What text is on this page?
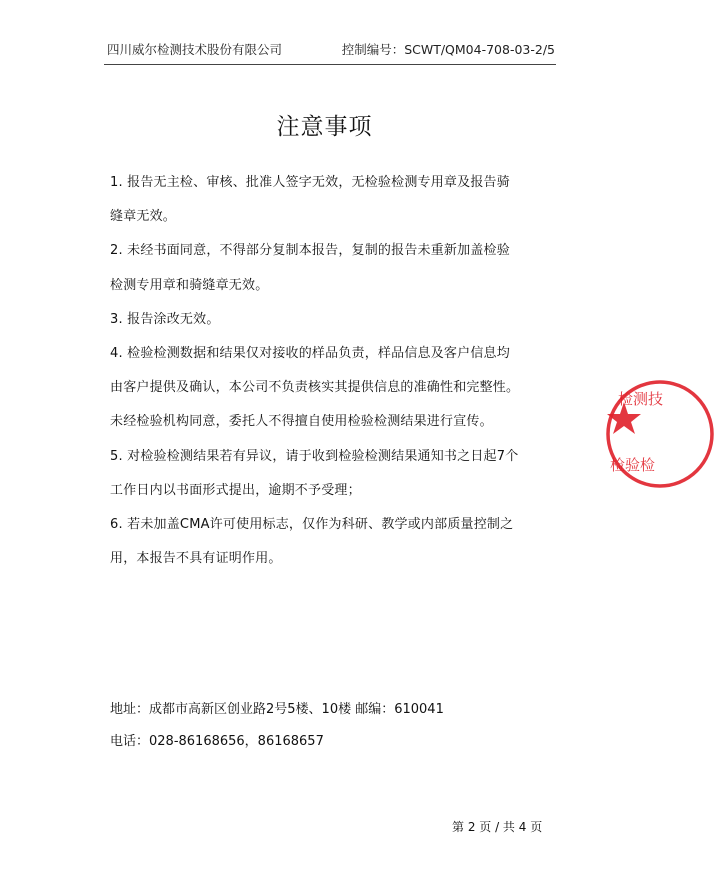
四川威尔检测技术股份有限公司	控制编号：SCWT/QM04-708-03-2/5
注意事项
1. 报告无主检、审核、批准人签字无效，无检验检测专用章及报告骑
缝章无效。
2. 未经书面同意，不得部分复制本报告，复制的报告未重新加盖检验
检测专用章和骑缝章无效。
3. 报告涂改无效。
4. 检验检测数据和结果仅对接收的样品负责，样品信息及客户信息均
由客户提供及确认，本公司不负责核实其提供信息的准确性和完整性。
未经检验机构同意，委托人不得擅自使用检验检测结果进行宣传。
5. 对检验检测结果若有异议，请于收到检验检测结果通知书之日起7个
工作日内以书面形式提出，逾期不予受理；
6. 若未加盖CMA许可使用标志，仅作为科研、教学或内部质量控制之
用，本报告不具有证明作用。
地址：成都市高新区创业路2号5楼、10楼 邮编：610041
电话：028-86168656，86168657
第 2 页 / 共 4 页
检测技
检验检
